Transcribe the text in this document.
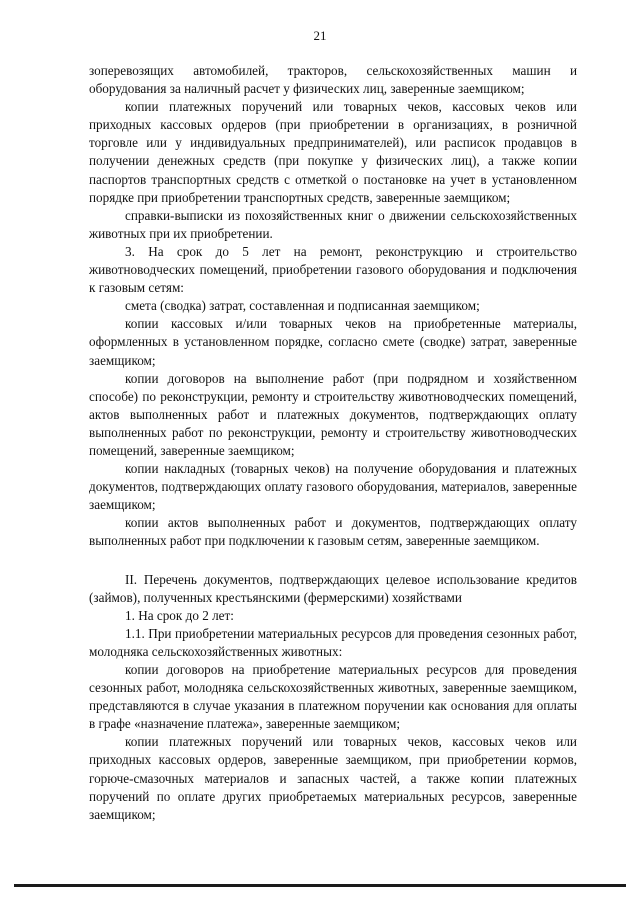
21

зоперевозящих автомобилей, тракторов, сельскохозяйственных машин и оборудования за наличный расчет у физических лиц, заверенные заемщиком;

копии платежных поручений или товарных чеков, кассовых чеков или приходных кассовых ордеров (при приобретении в организациях, в розничной торговле или у индивидуальных предпринимателей), или расписок продавцов в получении денежных средств (при покупке у физических лиц), а также копии паспортов транспортных средств с отметкой о постановке на учет в установленном порядке при приобретении транспортных средств, заверенные заемщиком;

справки-выписки из похозяйственных книг о движении сельскохозяйственных животных при их приобретении.

3. На срок до 5 лет на ремонт, реконструкцию и строительство животноводческих помещений, приобретении газового оборудования и подключения к газовым сетям:

смета (сводка) затрат, составленная и подписанная заемщиком;

копии кассовых и/или товарных чеков на приобретенные материалы, оформленных в установленном порядке, согласно смете (сводке) затрат, заверенные заемщиком;

копии договоров на выполнение работ (при подрядном и хозяйственном способе) по реконструкции, ремонту и строительству животноводческих помещений, актов выполненных работ и платежных документов, подтверждающих оплату выполненных работ по реконструкции, ремонту и строительству животноводческих помещений, заверенные заемщиком;

копии накладных (товарных чеков) на получение оборудования и платежных документов, подтверждающих оплату газового оборудования, материалов, заверенные заемщиком;

копии актов выполненных работ и документов, подтверждающих оплату выполненных работ при подключении к газовым сетям, заверенные заемщиком.

II. Перечень документов, подтверждающих целевое использование кредитов (займов), полученных крестьянскими (фермерскими) хозяйствами

1. На срок до 2 лет:

1.1. При приобретении материальных ресурсов для проведения сезонных работ, молодняка сельскохозяйственных животных:

копии договоров на приобретение материальных ресурсов для проведения сезонных работ, молодняка сельскохозяйственных животных, заверенные заемщиком, представляются в случае указания в платежном поручении как основания для оплаты в графе «назначение платежа», заверенные заемщиком;

копии платежных поручений или товарных чеков, кассовых чеков или приходных кассовых ордеров, заверенные заемщиком, при приобретении кормов, горюче-смазочных материалов и запасных частей, а также копии платежных поручений по оплате других приобретаемых материальных ресурсов, заверенные заемщиком;
